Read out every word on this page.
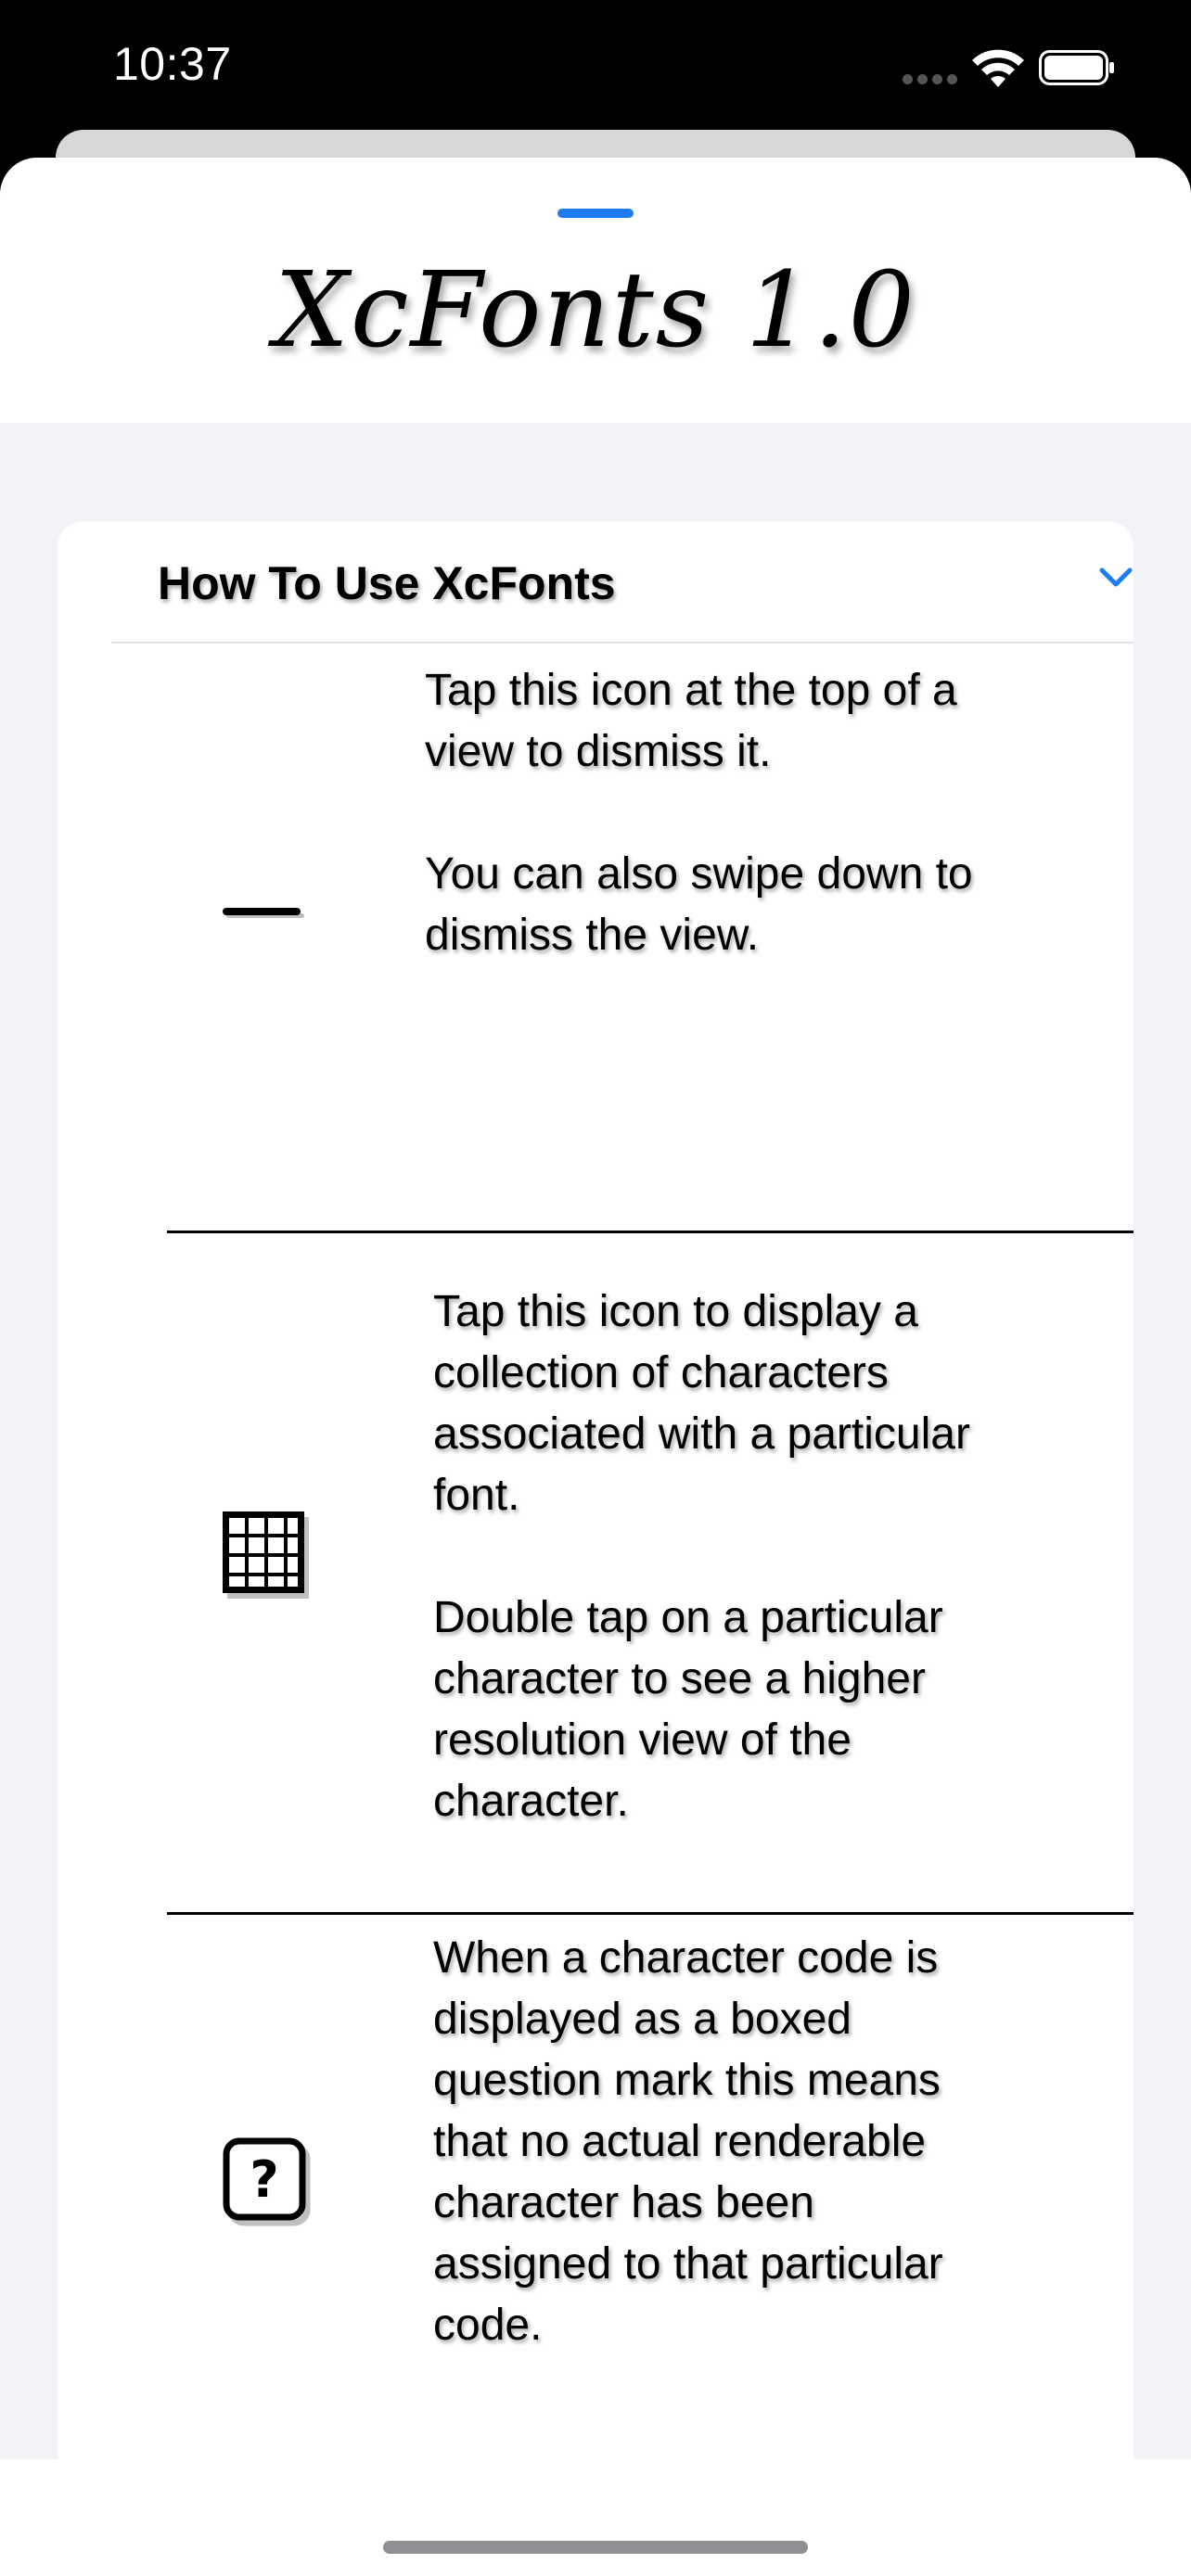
10:37
XcFonts 1.0
How To Use XcFonts
Tap this icon at the top of a
view to dismiss it.

You can also swipe down to
dismiss the view.
Tap this icon to display a
collection of characters
associated with a particular
font.

Double tap on a particular
character to see a higher
resolution view of the
character.
?
When a character code is
displayed as a boxed
question mark this means
that no actual renderable
character has been
assigned to that particular
code.
